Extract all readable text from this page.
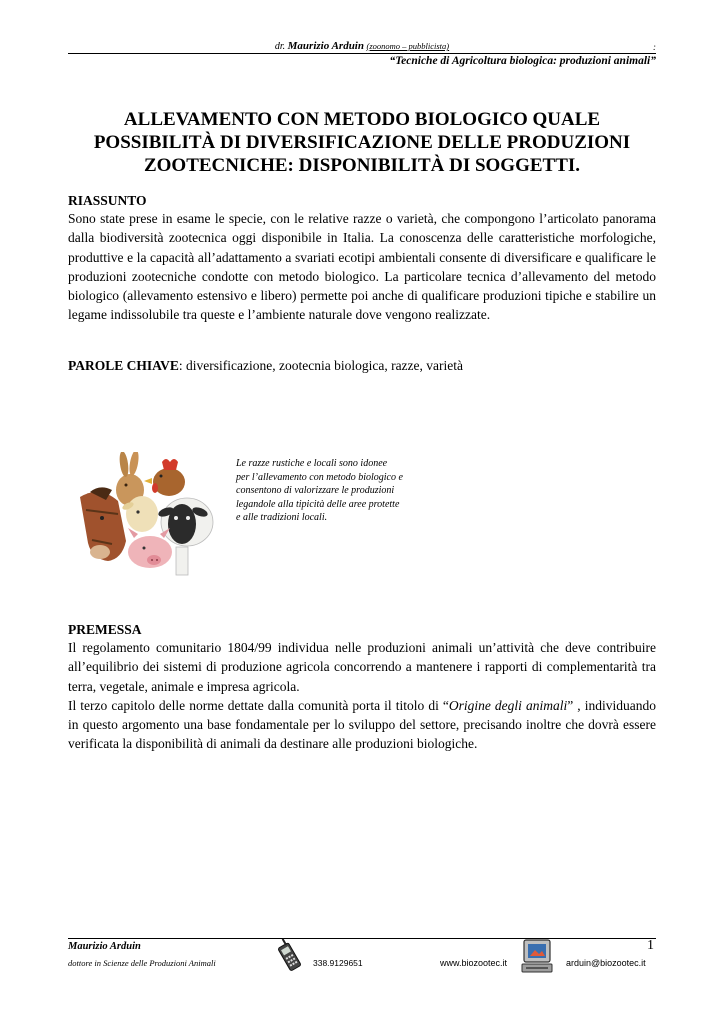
dr. Maurizio Arduin (zoonomo – pubblicista)	:
“Tecniche di Agricoltura biologica: produzioni animali”
ALLEVAMENTO CON METODO BIOLOGICO QUALE
POSSIBILITÀ DI DIVERSIFICAZIONE DELLE PRODUZIONI
ZOOTECNICHE: DISPONIBILITÀ DI SOGGETTI.
RIASSUNTO
Sono state prese in esame le specie, con le relative razze o varietà, che compongono l’articolato panorama dalla biodiversità zootecnica oggi disponibile in Italia. La conoscenza delle caratteristiche morfologiche, produttive e la capacità all’adattamento a svariati ecotipi ambientali consente di diversificare e qualificare le produzioni zootecniche condotte con metodo biologico. La particolare tecnica d’allevamento del metodo biologico (allevamento estensivo e libero) permette poi anche di qualificare produzioni tipiche e stabilire un legame indissolubile tra queste e l’ambiente naturale dove vengono realizzate.
PAROLE CHIAVE: diversificazione, zootecnia biologica, razze, varietà
Le razze rustiche e locali sono idonee
per l’allevamento con metodo biologico e
consentono di valorizzare le produzioni
legandole alla tipicità delle aree protette
e alle tradizioni locali.
PREMESSA
Il regolamento comunitario 1804/99 individua nelle produzioni animali un’attività che deve contribuire all’equilibrio dei sistemi di produzione agricola concorrendo a mantenere i rapporti di complementarità tra terra, vegetale, animale e impresa agricola.
Il terzo capitolo delle norme dettate dalla comunità porta il titolo di “Origine degli animali” , individuando in questo argomento una base fondamentale per lo sviluppo del settore, precisando inoltre che dovrà essere verificata la disponibilità di animali da destinare alle produzioni biologiche.
Maurizio Arduin
dottore in Scienze delle Produzioni Animali	338.9129651	www.biozootec.it	arduin@biozootec.it
1
